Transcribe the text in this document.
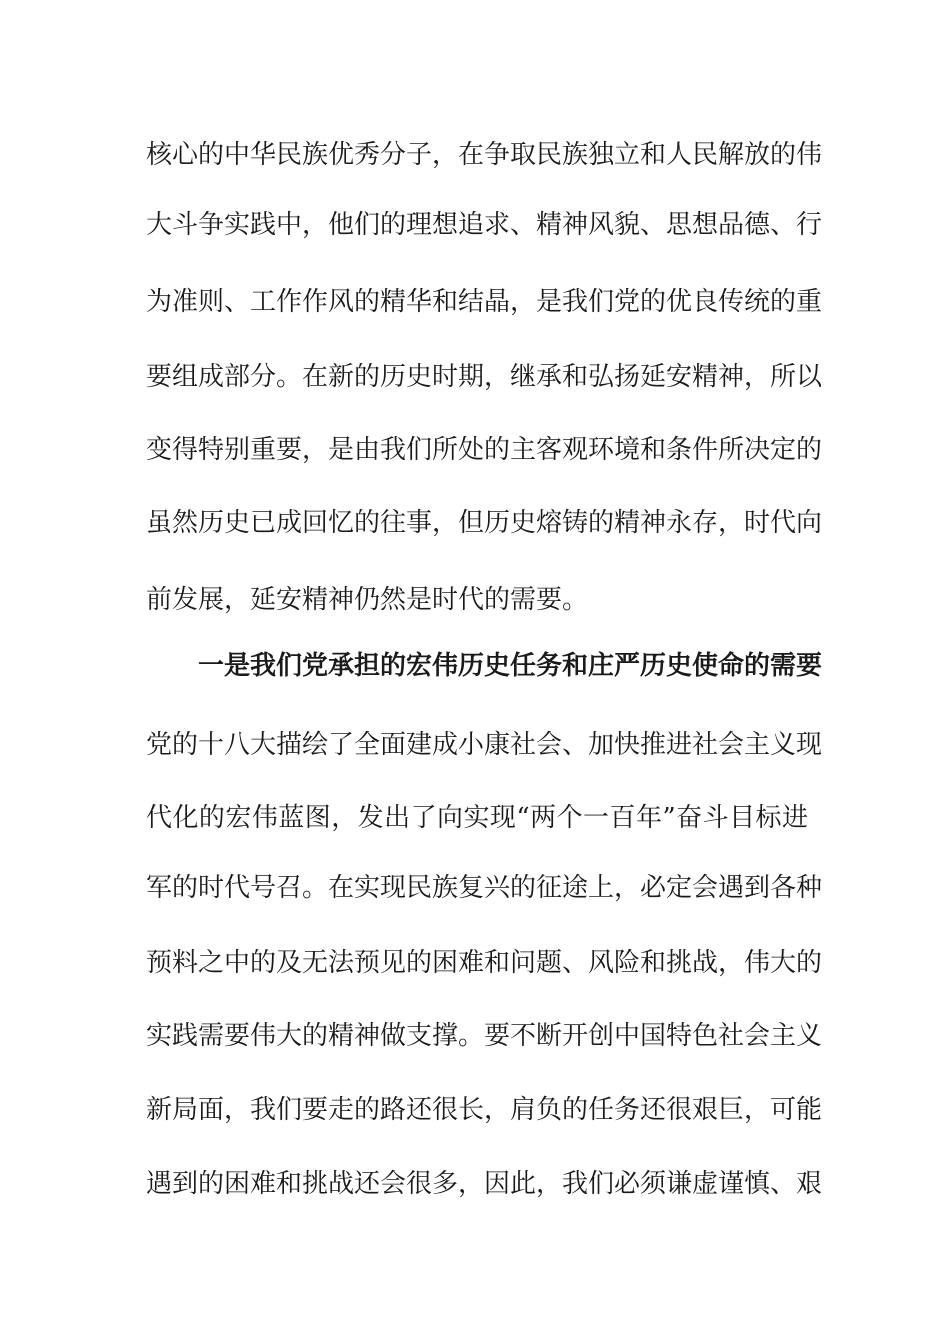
核心的中华民族优秀分子，在争取民族独立和人民解放的伟
大斗争实践中，他们的理想追求、精神风貌、思想品德、行
为准则、工作作风的精华和结晶，是我们党的优良传统的重
要组成部分。在新的历史时期，继承和弘扬延安精神，所以
变得特别重要，是由我们所处的主客观环境和条件所决定的
虽然历史已成回忆的往事，但历史熔铸的精神永存，时代向
前发展，延安精神仍然是时代的需要。
一是我们党承担的宏伟历史任务和庄严历史使命的需要
党的十八大描绘了全面建成小康社会、加快推进社会主义现
代化的宏伟蓝图，发出了向实现“两个一百年”奋斗目标进
军的时代号召。在实现民族复兴的征途上，必定会遇到各种
预料之中的及无法预见的困难和问题、风险和挑战，伟大的
实践需要伟大的精神做支撑。要不断开创中国特色社会主义
新局面，我们要走的路还很长，肩负的任务还很艰巨，可能
遇到的困难和挑战还会很多，因此，我们必须谦虚谨慎、艰
